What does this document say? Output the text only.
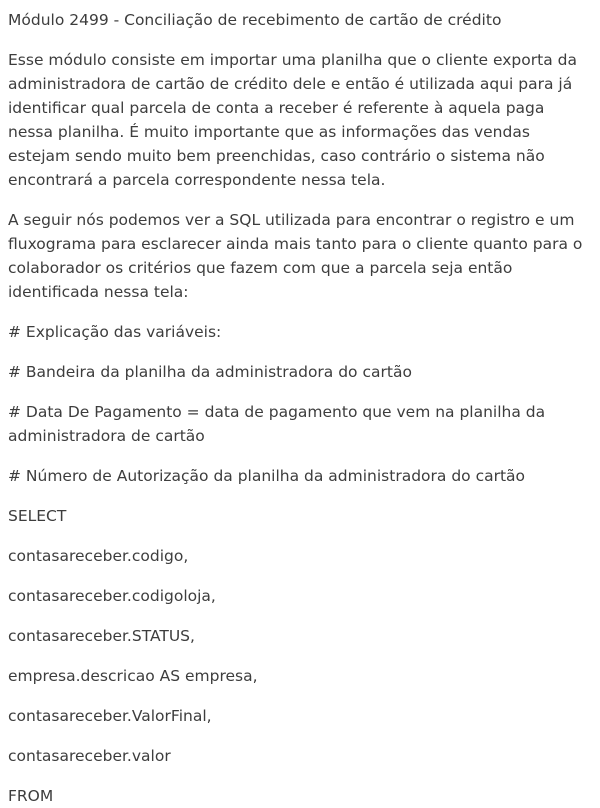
Módulo 2499 - Conciliação de recebimento de cartão de crédito

Esse módulo consiste em importar uma planilha que o cliente exporta da administradora de cartão de crédito dele e então é utilizada aqui para já identificar qual parcela de conta a receber é referente à aquela paga nessa planilha. É muito importante que as informações das vendas estejam sendo muito bem preenchidas, caso contrário o sistema não encontrará a parcela correspondente nessa tela.

A seguir nós podemos ver a SQL utilizada para encontrar o registro e um fluxograma para esclarecer ainda mais tanto para o cliente quanto para o colaborador os critérios que fazem com que a parcela seja então identificada nessa tela:

# Explicação das variáveis:

# Bandeira da planilha da administradora do cartão

# Data De Pagamento = data de pagamento que vem na planilha da administradora de cartão

# Número de Autorização da planilha da administradora do cartão

SELECT

contasareceber.codigo,

contasareceber.codigoloja,

contasareceber.STATUS,

empresa.descricao AS empresa,

contasareceber.ValorFinal,

contasareceber.valor

FROM
